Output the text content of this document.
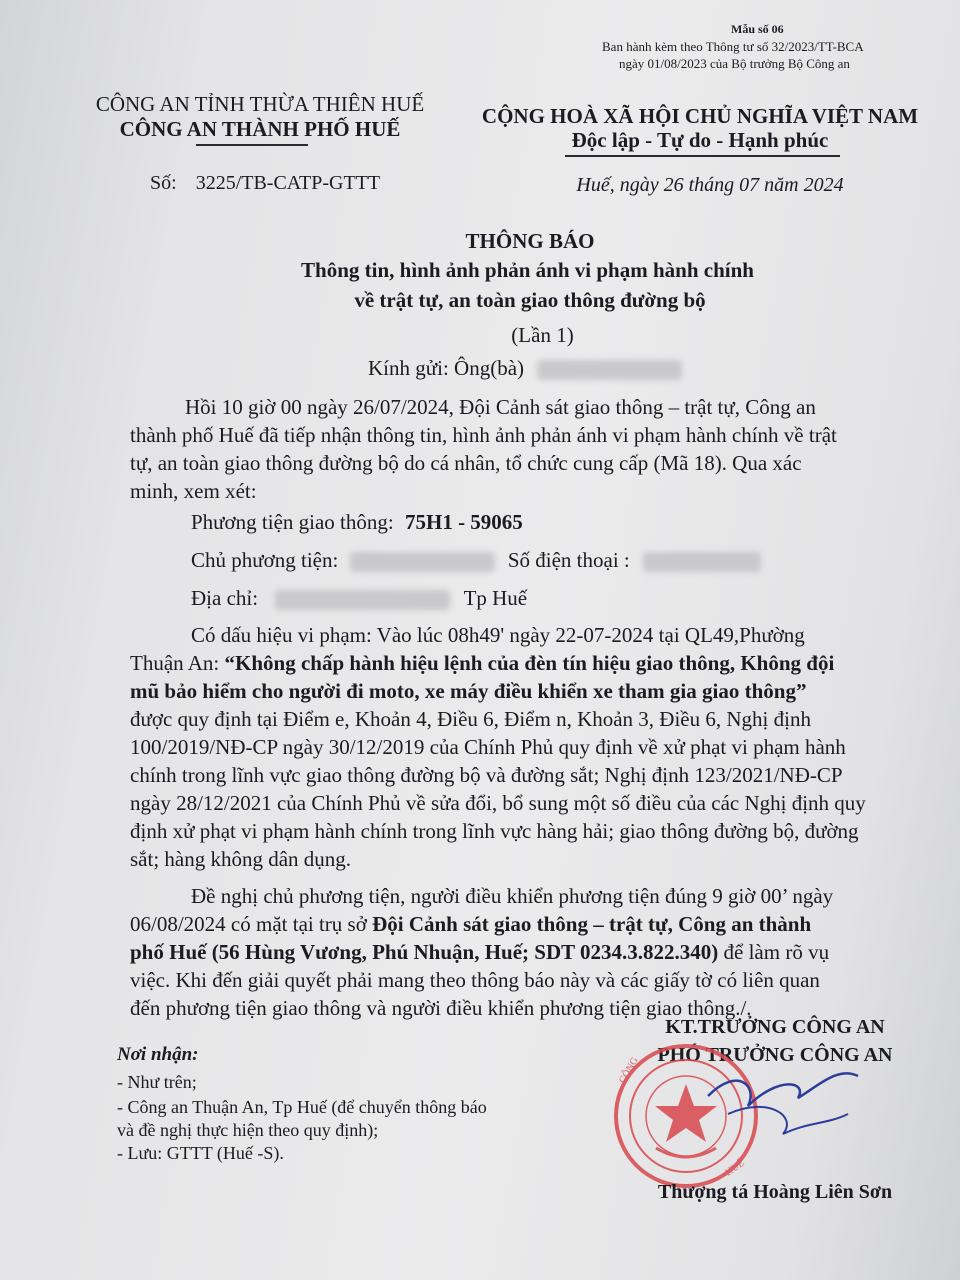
Mẫu số 06
Ban hành kèm theo Thông tư số 32/2023/TT-BCA
ngày 01/08/2023 của Bộ trưởng Bộ Công an
CÔNG AN TỈNH THỪA THIÊN HUẾ
CÔNG AN THÀNH PHỐ HUẾ
Số: 3225/TB-CATP-GTTT
CỘNG HOÀ XÃ HỘI CHỦ NGHĨA VIỆT NAM
Độc lập - Tự do - Hạnh phúc
Huế, ngày 26 tháng 07 năm 2024
THÔNG BÁO
Thông tin, hình ảnh phản ánh vi phạm hành chính
về trật tự, an toàn giao thông đường bộ
(Lần 1)
Kính gửi: Ông(bà)
Hồi 10 giờ 00 ngày 26/07/2024, Đội Cảnh sát giao thông – trật tự, Công an
thành phố Huế đã tiếp nhận thông tin, hình ảnh phản ánh vi phạm hành chính về trật
tự, an toàn giao thông đường bộ do cá nhân, tổ chức cung cấp (Mã 18). Qua xác
minh, xem xét:
Phương tiện giao thông: 75H1 - 59065
Chủ phương tiện:	Số điện thoại :
Địa chỉ:	Tp Huế
Có dấu hiệu vi phạm: Vào lúc 08h49' ngày 22-07-2024 tại QL49,Phường
Thuận An: “Không chấp hành hiệu lệnh của đèn tín hiệu giao thông, Không đội
mũ bảo hiểm cho người đi moto, xe máy điều khiển xe tham gia giao thông”
được quy định tại Điểm e, Khoản 4, Điều 6, Điểm n, Khoản 3, Điều 6, Nghị định
100/2019/NĐ-CP ngày 30/12/2019 của Chính Phủ quy định về xử phạt vi phạm hành
chính trong lĩnh vực giao thông đường bộ và đường sắt; Nghị định 123/2021/NĐ-CP
ngày 28/12/2021 của Chính Phủ về sửa đổi, bổ sung một số điều của các Nghị định quy
định xử phạt vi phạm hành chính trong lĩnh vực hàng hải; giao thông đường bộ, đường
sắt; hàng không dân dụng.
Đề nghị chủ phương tiện, người điều khiển phương tiện đúng 9 giờ 00’ ngày
06/08/2024 có mặt tại trụ sở Đội Cảnh sát giao thông – trật tự, Công an thành
phố Huế (56 Hùng Vương, Phú Nhuận, Huế; SDT 0234.3.822.340) để làm rõ vụ
việc. Khi đến giải quyết phải mang theo thông báo này và các giấy tờ có liên quan
đến phương tiện giao thông và người điều khiển phương tiện giao thông./.
Nơi nhận:
- Như trên;
- Công an Thuận An, Tp Huế (để chuyển thông báo
và đề nghị thực hiện theo quy định);
- Lưu: GTTT (Huế -S).
KT.TRƯỞNG CÔNG AN
PHÓ TRƯỞNG CÔNG AN
CÔNG
HUẾ
Thượng tá Hoàng Liên Sơn
